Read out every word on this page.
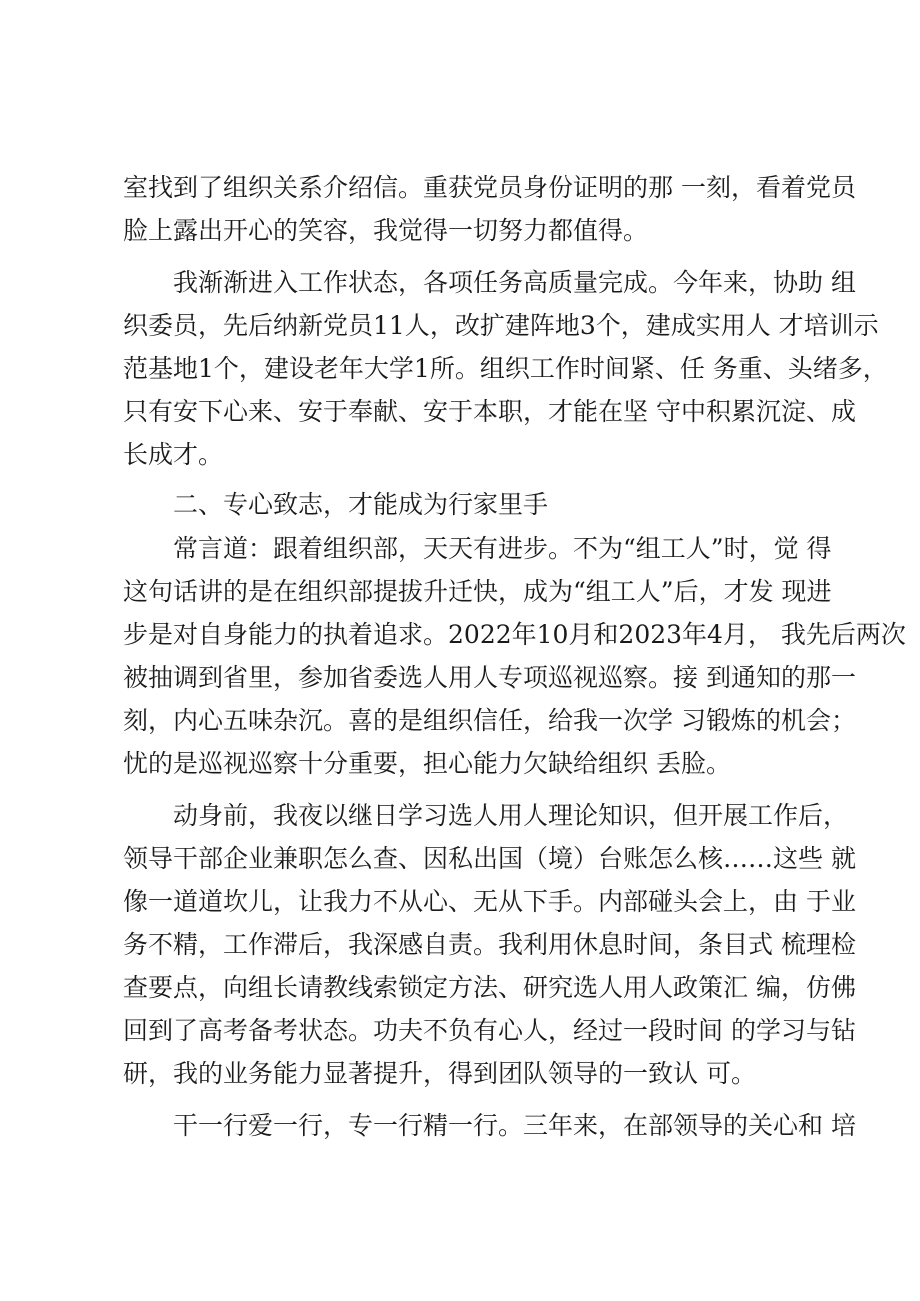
室找到了组织关系介绍信。重获党员身份证明的那 一刻，看着党员
脸上露出开心的笑容，我觉得一切努力都值得。
我渐渐进入工作状态，各项任务高质量完成。今年来，协助 组
织委员，先后纳新党员11人，改扩建阵地3个，建成实用人 才培训示
范基地1个，建设老年大学1所。组织工作时间紧、任 务重、头绪多，
只有安下心来、安于奉献、安于本职，才能在坚 守中积累沉淀、成
长成才。
二、专心致志，才能成为行家里手
常言道：跟着组织部，天天有进步。不为“组工人”时，觉 得
这句话讲的是在组织部提拔升迁快，成为“组工人”后，才发 现进
步是对自身能力的执着追求。2022年10月和2023年4月， 我先后两次
被抽调到省里，参加省委选人用人专项巡视巡察。接 到通知的那一
刻，内心五味杂沉。喜的是组织信任，给我一次学 习锻炼的机会；
忧的是巡视巡察十分重要，担心能力欠缺给组织 丢脸。
动身前，我夜以继日学习选人用人理论知识，但开展工作后，
领导干部企业兼职怎么查、因私出国（境）台账怎么核……这些 就
像一道道坎儿，让我力不从心、无从下手。内部碰头会上，由 于业
务不精，工作滞后，我深感自责。我利用休息时间，条目式 梳理检
查要点，向组长请教线索锁定方法、研究选人用人政策汇 编，仿佛
回到了高考备考状态。功夫不负有心人，经过一段时间 的学习与钻
研，我的业务能力显著提升，得到团队领导的一致认 可。
干一行爱一行，专一行精一行。三年来，在部领导的关心和 培
